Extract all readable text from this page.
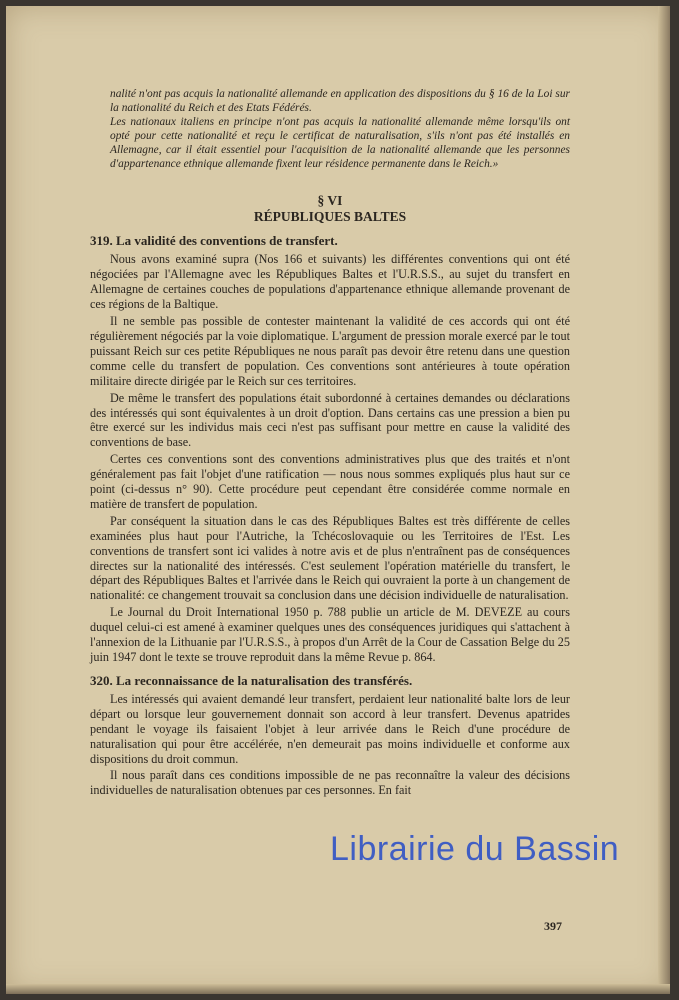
nalité n'ont pas acquis la nationalité allemande en application des dispositions du § 16 de la Loi sur la nationalité du Reich et des Etats Fédérés.

Les nationaux italiens en principe n'ont pas acquis la nationalité allemande même lorsqu'ils ont opté pour cette nationalité et reçu le certificat de naturalisation, s'ils n'ont pas été installés en Allemagne, car il était essentiel pour l'acquisition de la nationalité allemande que les personnes d'appartenance ethnique allemande fixent leur résidence permanente dans le Reich.»

§ VI
RÉPUBLIQUES BALTES
319. La validité des conventions de transfert.

Nous avons examiné supra (Nos 166 et suivants) les différentes conventions qui ont été négociées par l'Allemagne avec les Républiques Baltes et l'U.R.S.S., au sujet du transfert en Allemagne de certaines couches de populations d'appartenance ethnique allemande provenant de ces régions de la Baltique.

Il ne semble pas possible de contester maintenant la validité de ces accords qui ont été régulièrement négociés par la voie diplomatique. L'argument de pression morale exercé par le tout puissant Reich sur ces petite Républiques ne nous paraît pas devoir être retenu dans une question comme celle du transfert de population. Ces conventions sont antérieures à toute opération militaire directe dirigée par le Reich sur ces territoires.

De même le transfert des populations était subordonné à certaines demandes ou déclarations des intéressés qui sont équivalentes à un droit d'option. Dans certains cas une pression a bien pu être exercé sur les individus mais ceci n'est pas suffisant pour mettre en cause la validité des conventions de base.

Certes ces conventions sont des conventions administratives plus que des traités et n'ont généralement pas fait l'objet d'une ratification — nous nous sommes expliqués plus haut sur ce point (ci-dessus n° 90). Cette procédure peut cependant être considérée comme normale en matière de transfert de population.

Par conséquent la situation dans le cas des Républiques Baltes est très différente de celles examinées plus haut pour l'Autriche, la Tchécoslovaquie ou les Territoires de l'Est. Les conventions de transfert sont ici valides à notre avis et de plus n'entraînent pas de conséquences directes sur la nationalité des intéressés. C'est seulement l'opération matérielle du transfert, le départ des Républiques Baltes et l'arrivée dans le Reich qui ouvraient la porte à un changement de nationalité: ce changement trouvait sa conclusion dans une décision individuelle de naturalisation.

Le Journal du Droit International 1950 p. 788 publie un article de M. DEVEZE au cours duquel celui-ci est amené à examiner quelques unes des conséquences juridiques qui s'attachent à l'annexion de la Lithuanie par l'U.R.S.S., à propos d'un Arrêt de la Cour de Cassation Belge du 25 juin 1947 dont le texte se trouve reproduit dans la même Revue p. 864.

320. La reconnaissance de la naturalisation des transférés.

Les intéressés qui avaient demandé leur transfert, perdaient leur nationalité balte lors de leur départ ou lorsque leur gouvernement donnait son accord à leur transfert. Devenus apatrides pendant le voyage ils faisaient l'objet à leur arrivée dans le Reich d'une procédure de naturalisation qui pour être accélérée, n'en demeurait pas moins individuelle et conforme aux dispositions du droit commun.

Il nous paraît dans ces conditions impossible de ne pas reconnaître la valeur des décisions individuelles de naturalisation obtenues par ces personnes. En fait

397
Librairie du Bassin
